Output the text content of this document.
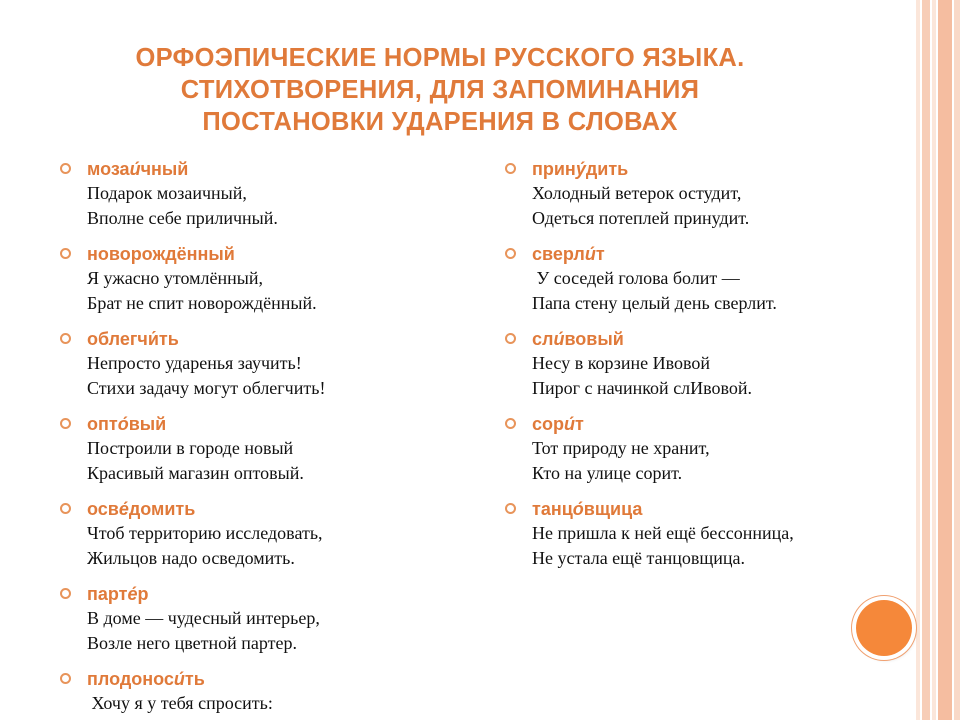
ОРФОЭПИЧЕСКИЕ НОРМЫ РУССКОГО ЯЗЫКА.
СТИХОТВОРЕНИЯ, ДЛЯ ЗАПОМИНАНИЯ
ПОСТАНОВКИ УДАРЕНИЯ В СЛОВАХ
мозаи́чный
Подарок мозаичный,
Вполне себе приличный.
новорождённый
Я ужасно утомлённый,
Брат не спит новорождённый.
облегчи́ть
Непросто ударенья заучить!
Стихи задачу могут облегчить!
опто́вый
Построили в городе новый
Красивый магазин оптовый.
осве́домить
Чтоб территорию исследовать,
Жильцов надо осведомить.
парте́р
В доме — чудесный интерьер,
Возле него цветной партер.
плодоноси́ть
Хочу я у тебя спросить:
прину́дить
Холодный ветерок остудит,
Одеться потеплей принудит.
сверли́т
У соседей голова болит —
Папа стену целый день сверлит.
сли́вовый
Несу в корзине Ивовой
Пирог с начинкой слИвовой.
сори́т
Тот природу не хранит,
Кто на улице сорит.
танцо́вщица
Не пришла к ней ещё бессонница,
Не устала ещё танцовщица.
